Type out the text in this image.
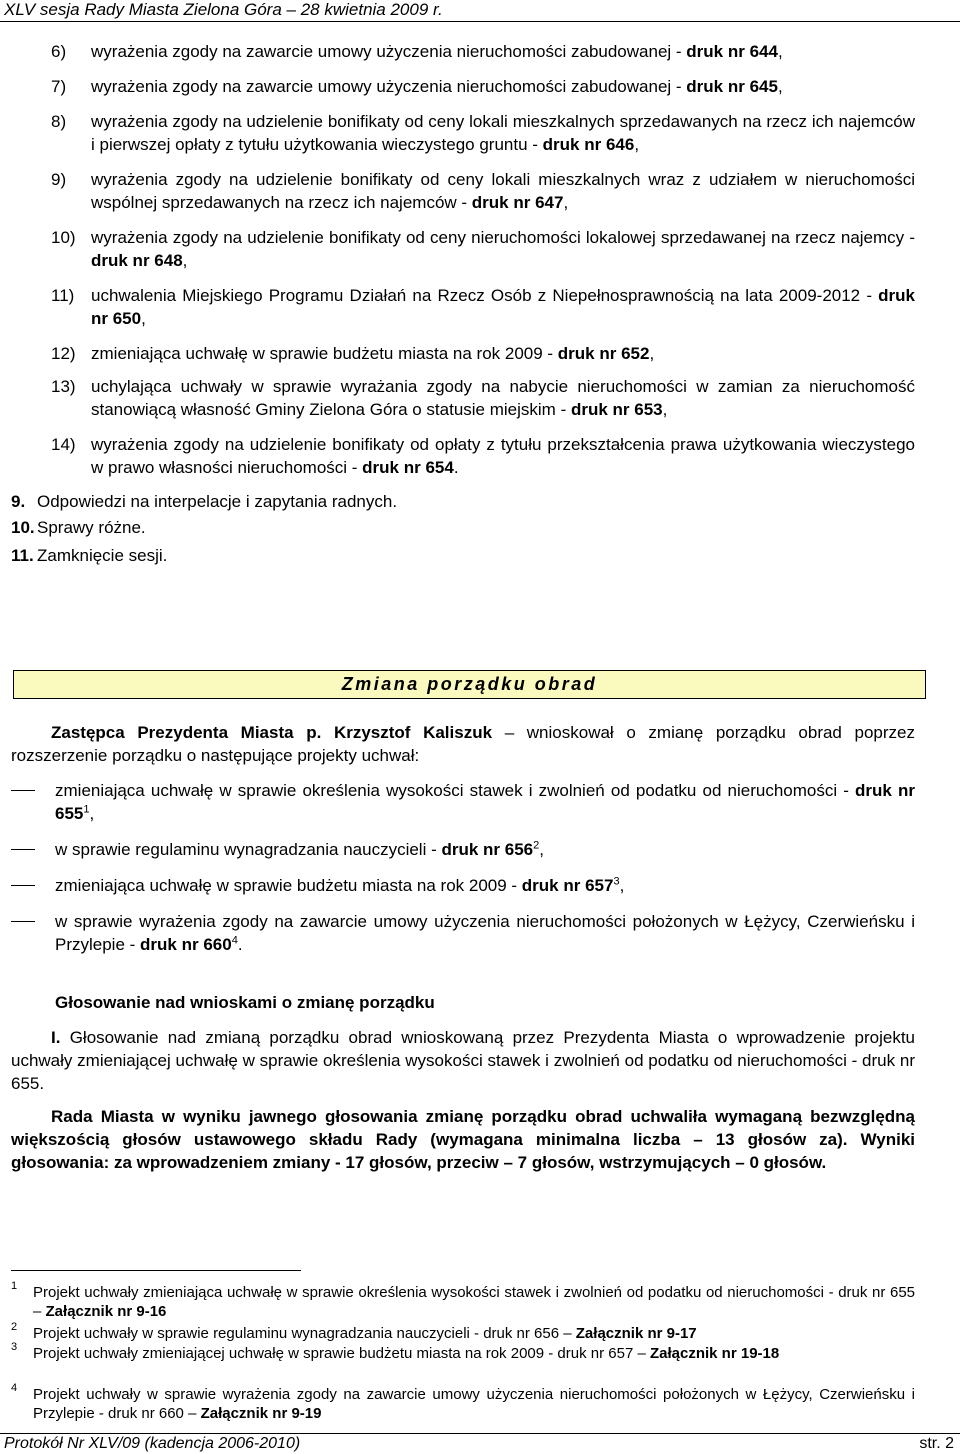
XLV sesja Rady Miasta Zielona Góra – 28 kwietnia 2009 r.
6) wyrażenia zgody na zawarcie umowy użyczenia nieruchomości zabudowanej - druk nr 644,
7) wyrażenia zgody na zawarcie umowy użyczenia nieruchomości zabudowanej - druk nr 645,
8) wyrażenia zgody na udzielenie bonifikaty od ceny lokali mieszkalnych sprzedawanych na rzecz ich najemców i pierwszej opłaty z tytułu użytkowania wieczystego gruntu - druk nr 646,
9) wyrażenia zgody na udzielenie bonifikaty od ceny lokali mieszkalnych wraz z udziałem w nieruchomości wspólnej sprzedawanych na rzecz ich najemców - druk nr 647,
10) wyrażenia zgody na udzielenie bonifikaty od ceny nieruchomości lokalowej sprzedawanej na rzecz najemcy - druk nr 648,
11) uchwalenia Miejskiego Programu Działań na Rzecz Osób z Niepełnosprawnością na lata 2009-2012 - druk nr 650,
12) zmieniająca uchwałę w sprawie budżetu miasta na rok 2009 - druk nr 652,
13) uchylająca uchwały w sprawie wyrażania zgody na nabycie nieruchomości w zamian za nieruchomość stanowiącą własność Gminy Zielona Góra o statusie miejskim - druk nr 653,
14) wyrażenia zgody na udzielenie bonifikaty od opłaty z tytułu przekształcenia prawa użytkowania wieczystego w prawo własności nieruchomości - druk nr 654.
9. Odpowiedzi na interpelacje i zapytania radnych.
10. Sprawy różne.
11. Zamknięcie sesji.
Zmiana porządku obrad
Zastępca Prezydenta Miasta p. Krzysztof Kaliszuk – wnioskował o zmianę porządku obrad poprzez rozszerzenie porządku o następujące projekty uchwał:
zmieniająca uchwałę w sprawie określenia wysokości stawek i zwolnień od podatku od nieruchomości - druk nr $655^1$,
w sprawie regulaminu wynagradzania nauczycieli - druk nr $656^2$,
zmieniająca uchwałę w sprawie budżetu miasta na rok 2009 - druk nr $657^3$,
w sprawie wyrażenia zgody na zawarcie umowy użyczenia nieruchomości położonych w Łężycy, Czerwieńsku i Przylepie - druk nr $660^4$.
Głosowanie nad wnioskami o zmianę porządku
I. Głosowanie nad zmianą porządku obrad wnioskowaną przez Prezydenta Miasta o wprowadzenie projektu uchwały zmieniającej uchwałę w sprawie określenia wysokości stawek i zwolnień od podatku od nieruchomości - druk nr 655.
Rada Miasta w wyniku jawnego głosowania zmianę porządku obrad uchwaliła wymaganą bezwzględną większością głosów ustawowego składu Rady (wymagana minimalna liczba – 13 głosów za). Wyniki głosowania: za wprowadzeniem zmiany - 17 głosów, przeciw – 7 głosów, wstrzymujących – 0 głosów.
1 Projekt uchwały zmieniająca uchwałę w sprawie określenia wysokości stawek i zwolnień od podatku od nieruchomości - druk nr 655 – Załącznik nr 9-16
2 Projekt uchwały w sprawie regulaminu wynagradzania nauczycieli - druk nr 656 – Załącznik nr 9-17
3 Projekt uchwały zmieniającej uchwałę w sprawie budżetu miasta na rok 2009 - druk nr 657 – Załącznik nr 19-18
4 Projekt uchwały w sprawie wyrażenia zgody na zawarcie umowy użyczenia nieruchomości położonych w Łężycy, Czerwieńsku i Przylepie - druk nr 660 – Załącznik nr 9-19
Protokół Nr XLV/09 (kadencja 2006-2010)	str. 2
